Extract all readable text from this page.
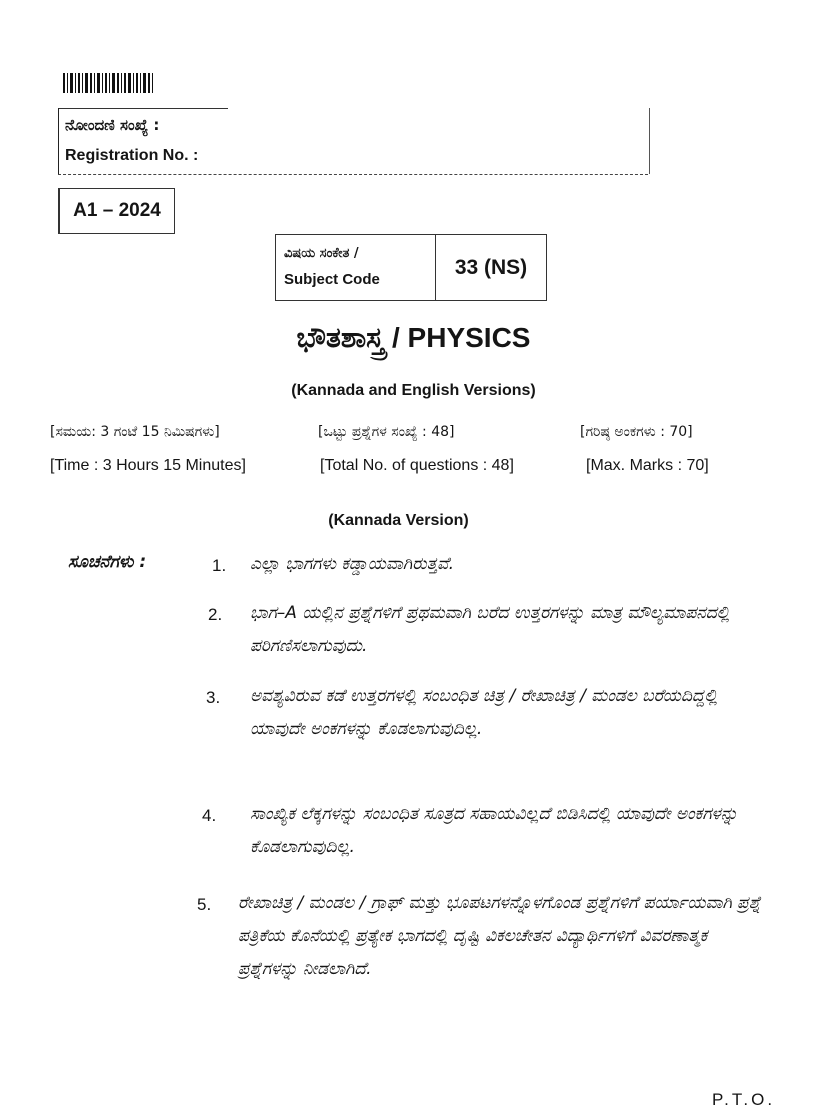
ನೋಂದಣಿ ಸಂಖ್ಯೆ :
Registration No. :
A1 – 2024
ವಿಷಯ ಸಂಕೇತ /
Subject Code
33 (NS)
ಭೌತಶಾಸ್ತ್ರ / PHYSICS
(Kannada and English Versions)
[ಸಮಯ: 3 ಗಂಟೆ 15 ನಿಮಿಷಗಳು]	[ಒಟ್ಟು ಪ್ರಶ್ನೆಗಳ ಸಂಖ್ಯೆ : 48]	[ಗರಿಷ್ಠ ಅಂಕಗಳು : 70]
[Time : 3 Hours 15 Minutes]	[Total No. of questions : 48]	[Max. Marks : 70]
(Kannada Version)
ಸೂಚನೆಗಳು :	1. ಎಲ್ಲಾ ಭಾಗಗಳು ಕಡ್ಡಾಯವಾಗಿರುತ್ತವೆ.
2. ಭಾಗ–A ಯಲ್ಲಿನ ಪ್ರಶ್ನೆಗಳಿಗೆ ಪ್ರಥಮವಾಗಿ ಬರೆದ ಉತ್ತರಗಳನ್ನು ಮಾತ್ರ ಮೌಲ್ಯಮಾಪನದಲ್ಲಿ ಪರಿಗಣಿಸಲಾಗುವುದು.
3. ಅವಶ್ಯವಿರುವ ಕಡೆ ಉತ್ತರಗಳಲ್ಲಿ ಸಂಬಂಧಿತ ಚಿತ್ರ / ರೇಖಾಚಿತ್ರ / ಮಂಡಲ ಬರೆಯದಿದ್ದಲ್ಲಿ ಯಾವುದೇ ಅಂಕಗಳನ್ನು ಕೊಡಲಾಗುವುದಿಲ್ಲ.
4. ಸಾಂಖ್ಯಿಕ ಲೆಕ್ಕಗಳನ್ನು ಸಂಬಂಧಿತ ಸೂತ್ರದ ಸಹಾಯವಿಲ್ಲದೆ ಬಿಡಿಸಿದಲ್ಲಿ ಯಾವುದೇ ಅಂಕಗಳನ್ನು ಕೊಡಲಾಗುವುದಿಲ್ಲ.
5. ರೇಖಾಚಿತ್ರ / ಮಂಡಲ / ಗ್ರಾಫ್ ಮತ್ತು ಭೂಪಟಗಳನ್ನೊಳಗೊಂಡ ಪ್ರಶ್ನೆಗಳಿಗೆ ಪರ್ಯಾಯವಾಗಿ ಪ್ರಶ್ನೆ ಪತ್ರಿಕೆಯ ಕೊನೆಯಲ್ಲಿ ಪ್ರತ್ಯೇಕ ಭಾಗದಲ್ಲಿ ದೃಷ್ಟಿ ವಿಕಲಚೇತನ ವಿದ್ಯಾರ್ಥಿಗಳಿಗೆ ವಿವರಣಾತ್ಮಕ ಪ್ರಶ್ನೆಗಳನ್ನು ನೀಡಲಾಗಿದೆ.
P.T.O.
